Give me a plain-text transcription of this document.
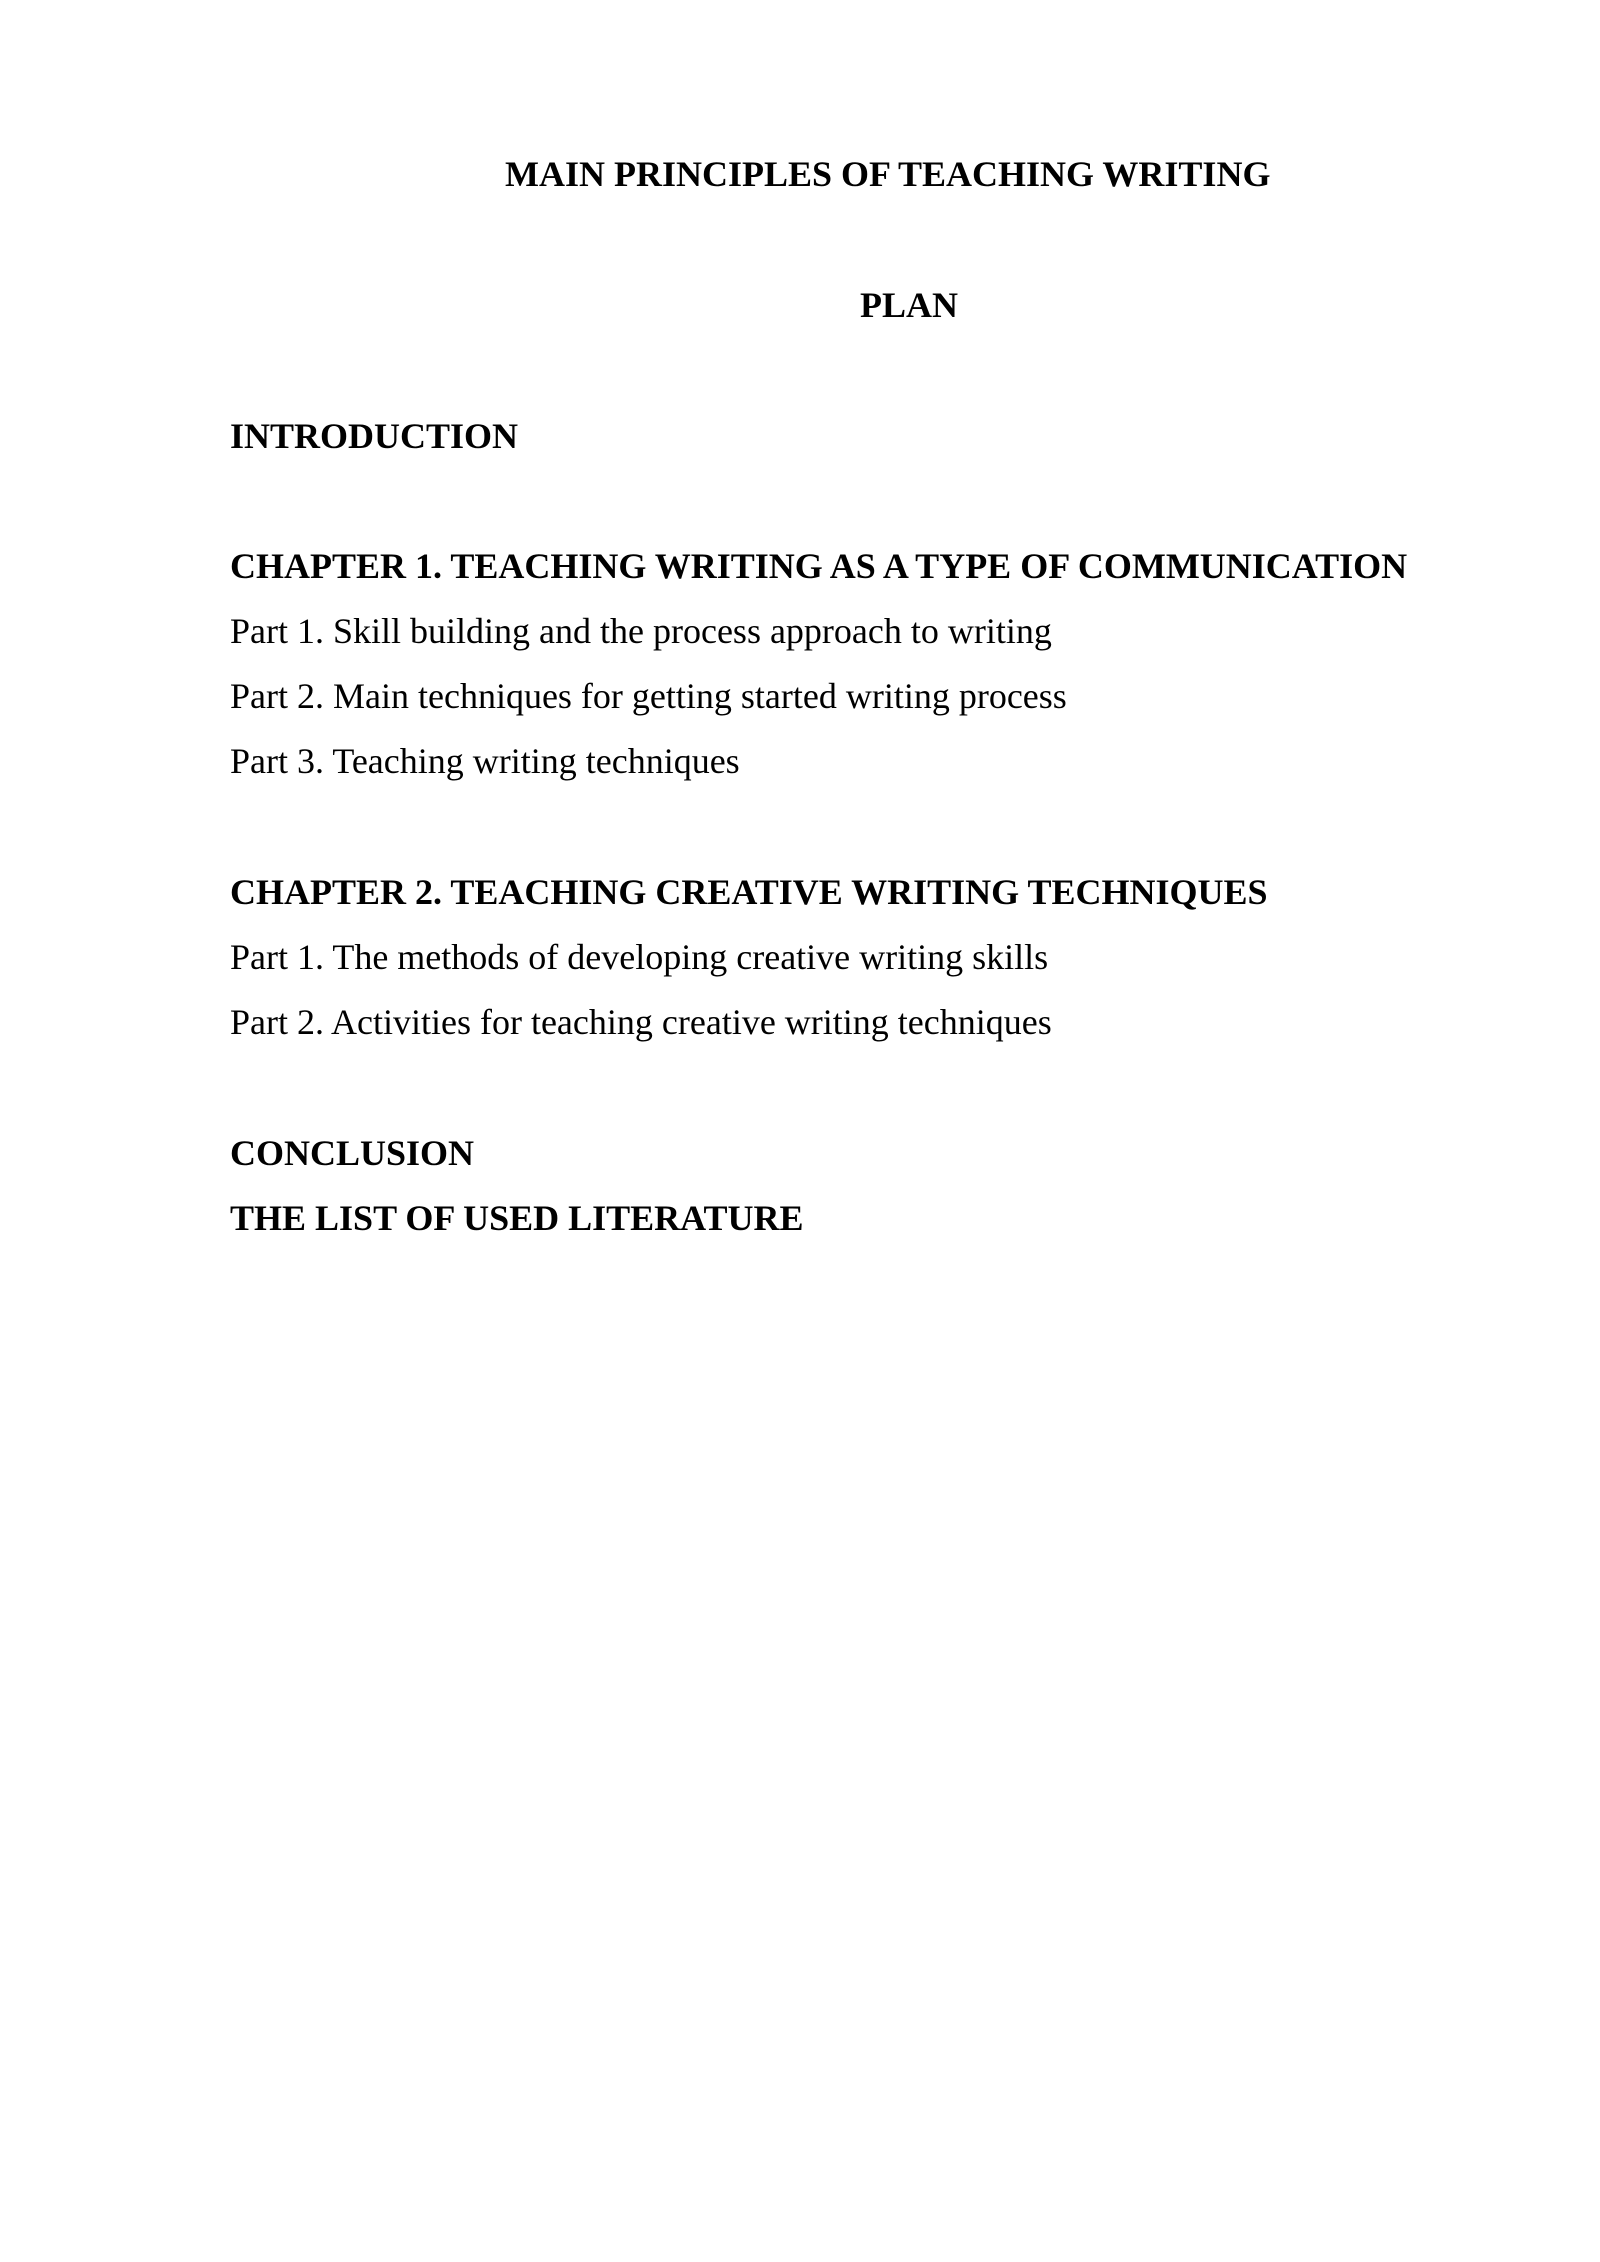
MAIN PRINCIPLES OF TEACHING WRITING
PLAN
INTRODUCTION
CHAPTER 1. TEACHING WRITING AS A TYPE OF COMMUNICATION
Part 1. Skill building and the process approach to writing
Part 2. Main techniques for getting started writing process
Part 3. Teaching writing techniques
CHAPTER 2. TEACHING CREATIVE WRITING TECHNIQUES
Part 1. The methods of developing creative writing skills
Part 2. Activities for teaching creative writing techniques
CONCLUSION
THE LIST OF USED LITERATURE
